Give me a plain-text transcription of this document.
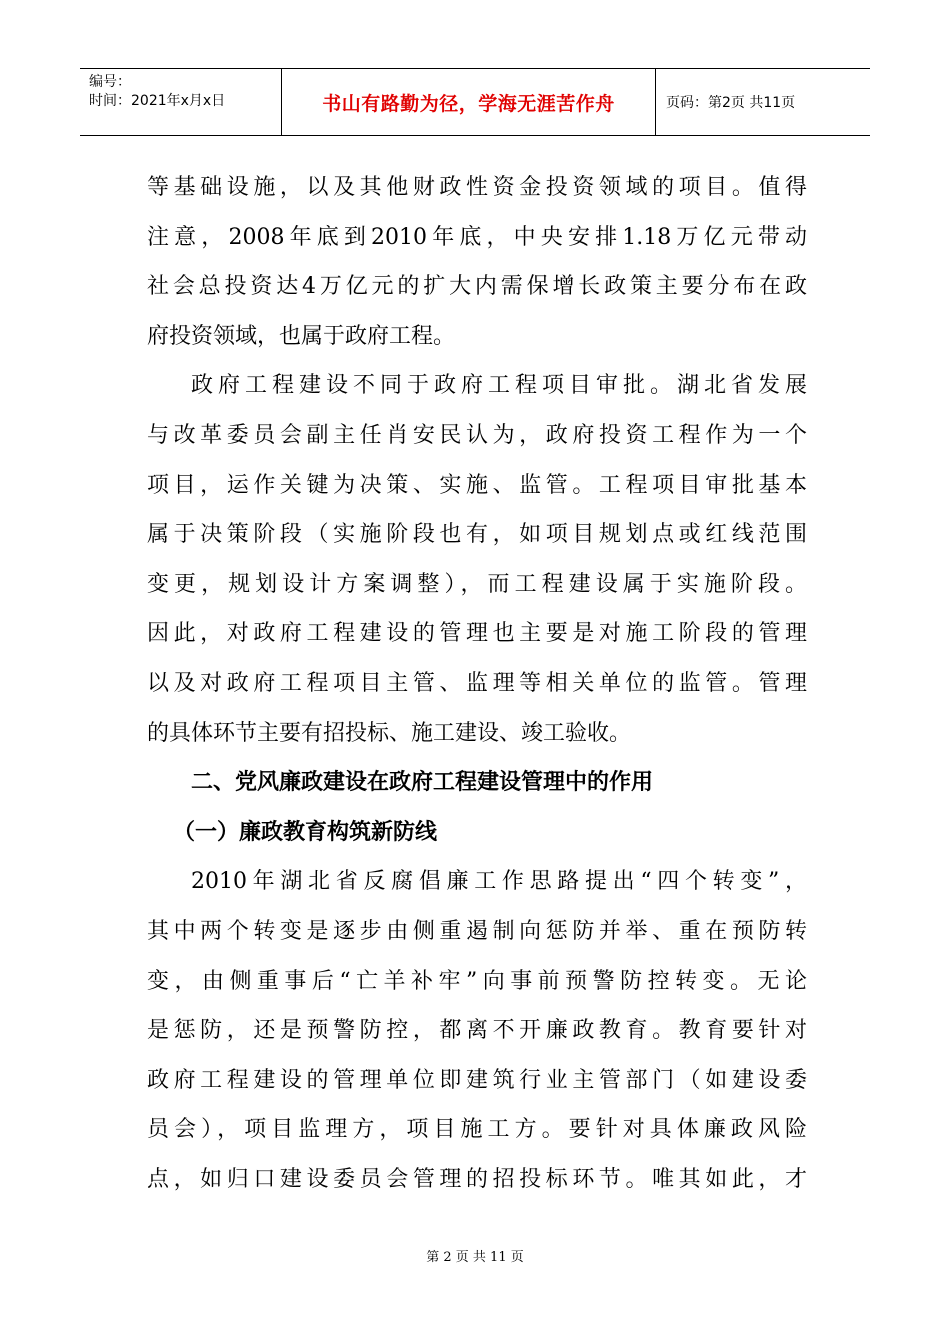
编号：
时间：2021年x月x日	书山有路勤为径，学海无涯苦作舟	页码：第2页 共11页
等基础设施，以及其他财政性资金投资领域的项目。值得
注意，2008年底到2010年底，中央安排1.18万亿元带动
社会总投资达4万亿元的扩大内需保增长政策主要分布在政
府投资领域，也属于政府工程。
政府工程建设不同于政府工程项目审批。湖北省发展
与改革委员会副主任肖安民认为，政府投资工程作为一个
项目，运作关键为决策、实施、监管。工程项目审批基本
属于决策阶段（实施阶段也有，如项目规划点或红线范围
变更，规划设计方案调整），而工程建设属于实施阶段。
因此，对政府工程建设的管理也主要是对施工阶段的管理
以及对政府工程项目主管、监理等相关单位的监管。管理
的具体环节主要有招投标、施工建设、竣工验收。
二、党风廉政建设在政府工程建设管理中的作用
（一）廉政教育构筑新防线
2010年湖北省反腐倡廉工作思路提出“四个转变”，
其中两个转变是逐步由侧重遏制向惩防并举、重在预防转
变，由侧重事后“亡羊补牢”向事前预警防控转变。无论
是惩防，还是预警防控，都离不开廉政教育。教育要针对
政府工程建设的管理单位即建筑行业主管部门（如建设委
员会），项目监理方，项目施工方。要针对具体廉政风险
点，如归口建设委员会管理的招投标环节。唯其如此，才
第 2 页 共 11 页
